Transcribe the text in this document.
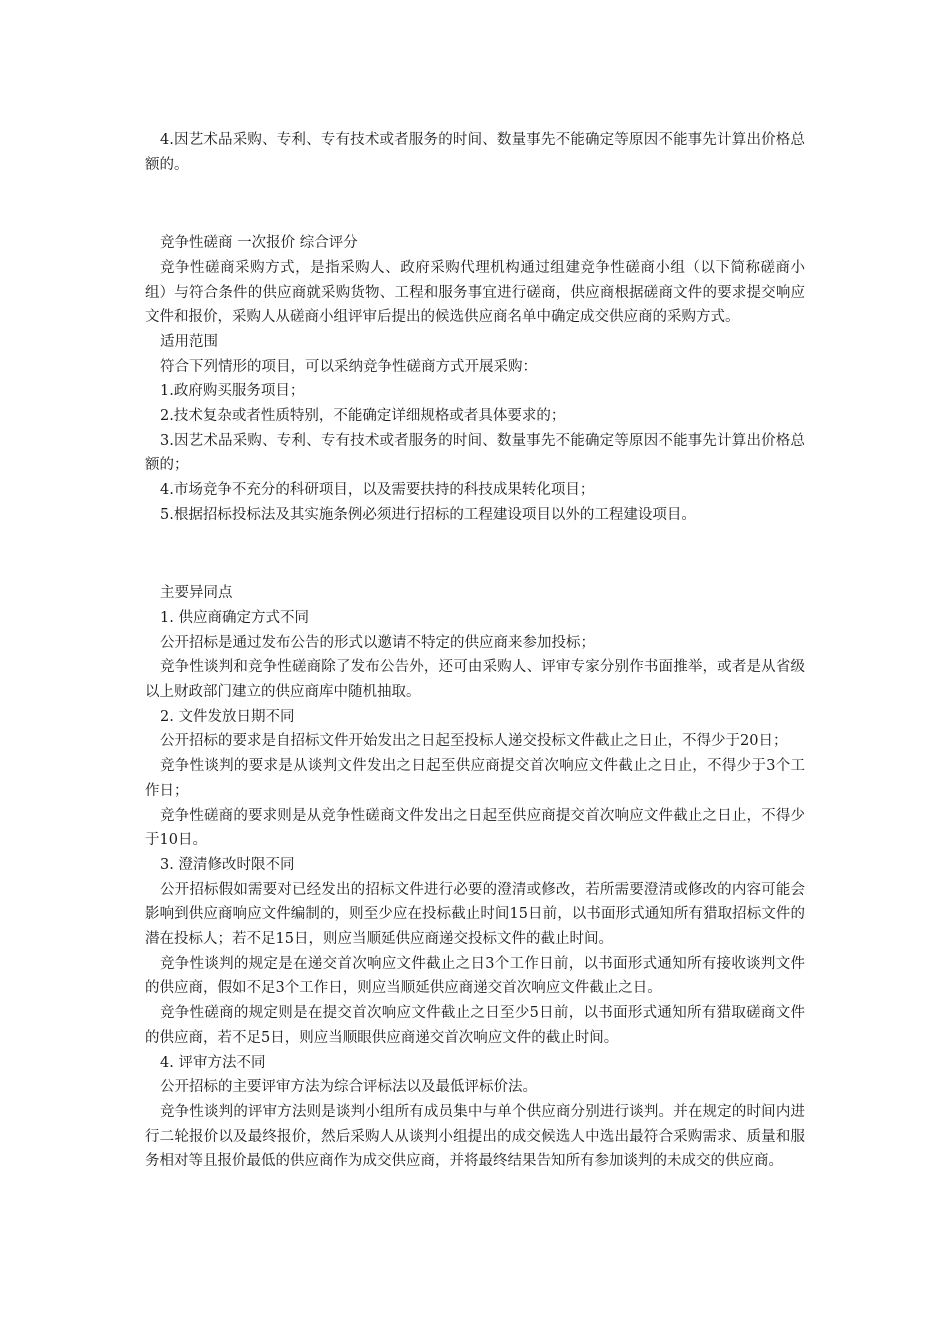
4.因艺术品采购、专利、专有技术或者服务的时间、数量事先不能确定等原因不能事先计算出价格总额的。

竞争性磋商 一次报价 综合评分

竞争性磋商采购方式，是指采购人、政府采购代理机构通过组建竞争性磋商小组（以下简称磋商小组）与符合条件的供应商就采购货物、工程和服务事宜进行磋商，供应商根据磋商文件的要求提交响应文件和报价，采购人从磋商小组评审后提出的候选供应商名单中确定成交供应商的采购方式。

适用范围

符合下列情形的项目，可以采纳竞争性磋商方式开展采购：

1.政府购买服务项目；

2.技术复杂或者性质特别，不能确定详细规格或者具体要求的；

3.因艺术品采购、专利、专有技术或者服务的时间、数量事先不能确定等原因不能事先计算出价格总额的；

4.市场竞争不充分的科研项目，以及需要扶持的科技成果转化项目；

5.根据招标投标法及其实施条例必须进行招标的工程建设项目以外的工程建设项目。

主要异同点

1. 供应商确定方式不同

公开招标是通过发布公告的形式以邀请不特定的供应商来参加投标；

竞争性谈判和竞争性磋商除了发布公告外，还可由采购人、评审专家分别作书面推举，或者是从省级以上财政部门建立的供应商库中随机抽取。

2. 文件发放日期不同

公开招标的要求是自招标文件开始发出之日起至投标人递交投标文件截止之日止，不得少于20日；

竞争性谈判的要求是从谈判文件发出之日起至供应商提交首次响应文件截止之日止，不得少于3个工作日；

竞争性磋商的要求则是从竞争性磋商文件发出之日起至供应商提交首次响应文件截止之日止，不得少于10日。

3. 澄清修改时限不同

公开招标假如需要对已经发出的招标文件进行必要的澄清或修改，若所需要澄清或修改的内容可能会影响到供应商响应文件编制的，则至少应在投标截止时间15日前，以书面形式通知所有猎取招标文件的潜在投标人；若不足15日，则应当顺延供应商递交投标文件的截止时间。

竞争性谈判的规定是在递交首次响应文件截止之日3个工作日前，以书面形式通知所有接收谈判文件的供应商，假如不足3个工作日，则应当顺延供应商递交首次响应文件截止之日。

竞争性磋商的规定则是在提交首次响应文件截止之日至少5日前，以书面形式通知所有猎取磋商文件的供应商，若不足5日，则应当顺眼供应商递交首次响应文件的截止时间。

4. 评审方法不同

公开招标的主要评审方法为综合评标法以及最低评标价法。

竞争性谈判的评审方法则是谈判小组所有成员集中与单个供应商分别进行谈判。并在规定的时间内进行二轮报价以及最终报价，然后采购人从谈判小组提出的成交候选人中选出最符合采购需求、质量和服务相对等且报价最低的供应商作为成交供应商，并将最终结果告知所有参加谈判的未成交的供应商。
